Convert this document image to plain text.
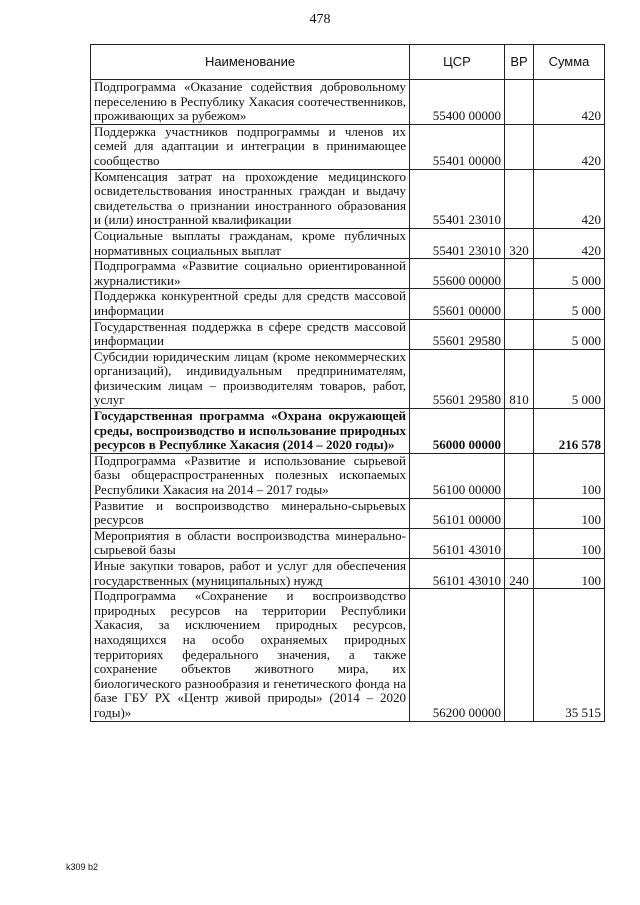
478
Наименование	ЦСР	ВР	Сумма
Подпрограмма «Оказание содействия добровольному переселению в Республику Хакасия соотечественников, проживающих за рубежом»	55400 00000		420
Поддержка участников подпрограммы и членов их семей для адаптации и интеграции в принимающее сообщество	55401 00000		420
Компенсация затрат на прохождение медицинского освидетельствования иностранных граждан и выдачу свидетельства о признании иностранного образования и (или) иностранной квалификации	55401 23010		420
Социальные выплаты гражданам, кроме публичных нормативных социальных выплат	55401 23010	320	420
Подпрограмма «Развитие социально ориентированной журналистики»	55600 00000		5 000
Поддержка конкурентной среды для средств массовой информации	55601 00000		5 000
Государственная поддержка в сфере средств массовой информации	55601 29580		5 000
Субсидии юридическим лицам (кроме некоммерческих организаций), индивидуальным предпринимателям, физическим лицам – производителям товаров, работ, услуг	55601 29580	810	5 000
Государственная программа «Охрана окружающей среды, воспроизводство и использование природных ресурсов в Республике Хакасия (2014 – 2020 годы)»	56000 00000		216 578
Подпрограмма «Развитие и использование сырьевой базы общераспространенных полезных ископаемых Республики Хакасия на 2014 – 2017 годы»	56100 00000		100
Развитие и воспроизводство минерально-сырьевых ресурсов	56101 00000		100
Мероприятия в области воспроизводства минерально-сырьевой базы	56101 43010		100
Иные закупки товаров, работ и услуг для обеспечения государственных (муниципальных) нужд	56101 43010	240	100
Подпрограмма «Сохранение и воспроизводство природных ресурсов на территории Республики Хакасия, за исключением природных ресурсов, находящихся на особо охраняемых природных территориях федерального значения, а также сохранение объектов животного мира, их биологического разнообразия и генетического фонда на базе ГБУ РХ «Центр живой природы» (2014 – 2020 годы)»	56200 00000		35 515
k309 b2
